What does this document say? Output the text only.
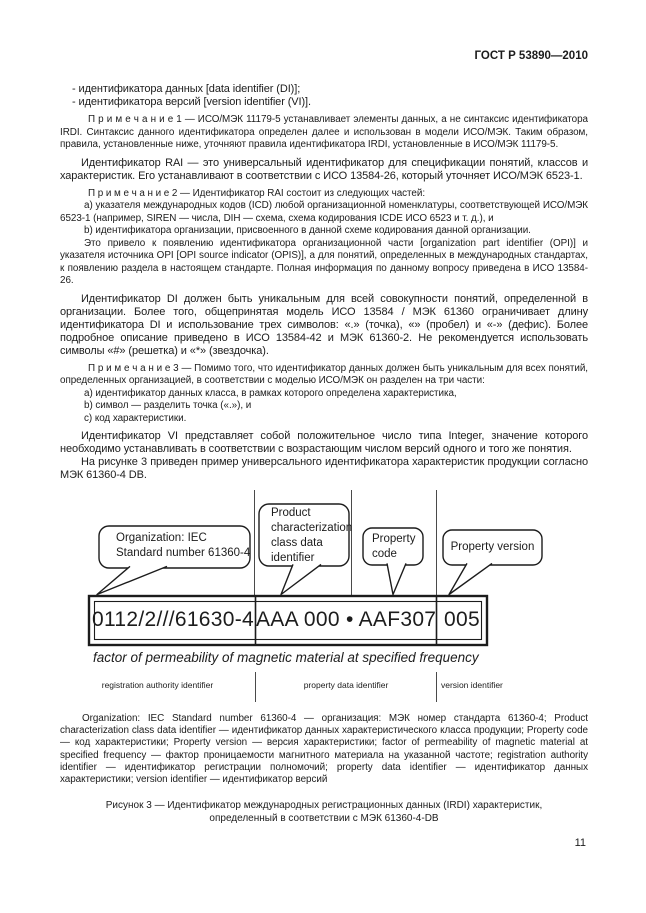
ГОСТ Р 53890—2010

- идентификатора данных [data identifier (DI)];

- идентификатора версий [version identifier (VI)].

П р и м е ч а н и е 1 — ИСО/МЭК 11179-5 устанавливает элементы данных, а не синтаксис идентификатора IRDI. Синтаксис данного идентификатора определен далее и использован в модели ИСО/МЭК. Таким образом, правила, установленные ниже, уточняют правила идентификатора IRDI, установленные в ИСО/МЭК 11179-5.

Идентификатор RAI — это универсальный идентификатор для спецификации понятий, классов и характеристик. Его устанавливают в соответствии с ИСО 13584-26, который уточняет ИСО/МЭК 6523-1.

П р и м е ч а н и е 2 — Идентификатор RAI состоит из следующих частей:

a) указателя международных кодов (ICD) любой организационной номенклатуры, соответствующей ИСО/МЭК 6523-1 (например, SIREN — числа, DIH — схема, схема кодирования ICDE ИСО 6523 и т. д.), и

b) идентификатора организации, присвоенного в данной схеме кодирования данной организации.

Это привело к появлению идентификатора организационной части [organization part identifier (OPI)] и указателя источника OPI [OPI source indicator (OPIS)], а для понятий, определенных в международных стандартах, к появлению раздела в настоящем стандарте. Полная информация по данному вопросу приведена в ИСО 13584-26.

Идентификатор DI должен быть уникальным для всей совокупности понятий, определенной в организации. Более того, общепринятая модель ИСО 13584 / МЭК 61360 ограничивает длину идентификатора DI и использование трех символов: «.» (точка), «» (пробел) и «-» (дефис). Более подробное описание приведено в ИСО 13584-42 и МЭК 61360-2. Не рекомендуется использовать символы «#» (решетка) и «*» (звездочка).

П р и м е ч а н и е 3 — Помимо того, что идентификатор данных должен быть уникальным для всех понятий, определенных организацией, в соответствии с моделью ИСО/МЭК он разделен на три части:

a) идентификатор данных класса, в рамках которого определена характеристика,

b) символ — разделить точка («.»), и

c) код характеристики.

Идентификатор VI представляет собой положительное число типа Integer, значение которого необходимо устанавливать в соответствии с возрастающим числом версий одного и того же понятия.

На рисунке 3 приведен пример универсального идентификатора характеристик продукции согласно МЭК 61360-4 DB.

Organization: IEC
Standard number 61360-4
Product
characterization
class data
identifier
Property
code
Property version
0112/2///61630-4 AAA 000 • AAF307 005
factor of permeability of magnetic material at specified frequency
registration authority identifier	property data identifier	version identifier

Organization: IEC Standard number 61360-4 — организация: МЭК номер стандарта 61360-4; Product characterization class data identifier — идентификатор данных характеристического класса продукции; Property code — код характеристики; Property version — версия характеристики; factor of permeability of magnetic material at specified frequency — фактор проницаемости магнитного материала на указанной частоте; registration authority identifier — идентификатор регистрации полномочий; property data identifier — идентификатор данных характеристики; version identifier — идентификатор версий

Рисунок 3 — Идентификатор международных регистрационных данных (IRDI) характеристик,
определенный в соответствии с МЭК 61360-4-DB

11
